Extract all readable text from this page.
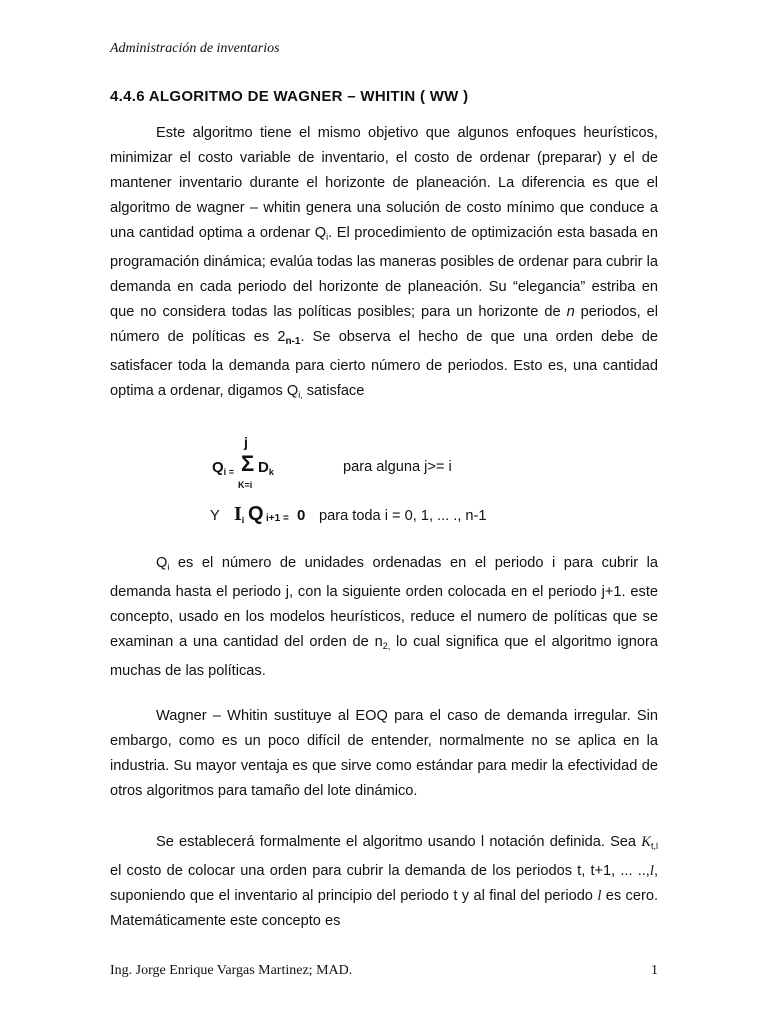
Administración de inventarios
4.4.6 ALGORITMO DE WAGNER – WHITIN ( WW )

Este algoritmo tiene el mismo objetivo que algunos enfoques heurísticos, minimizar el costo variable de inventario, el costo de ordenar (preparar) y el de mantener inventario durante el horizonte de planeación. La diferencia es que el algoritmo de wagner – whitin genera una solución de costo mínimo que conduce a una cantidad optima a ordenar $Q_i$. El procedimiento de optimización esta basada en programación dinámica; evalúa todas las maneras posibles de ordenar para cubrir la demanda en cada periodo del horizonte de planeación. Su “elegancia” estriba en que no considera todas las políticas posibles; para un horizonte de n periodos, el número de políticas es $2_{n-1}$. Se observa el hecho de que una orden debe de satisfacer toda la demanda para cierto número de periodos. Esto es, una cantidad optima a ordenar, digamos $Q_{i,}$ satisface

j
$Q_i$ $_=$ Σ $D_k$
K=i
para alguna j>= i
Y $I_i$ Q i+1 = 0 para toda i = 0, 1, ... ., n-1

$Q_i$ es el número de unidades ordenadas en el periodo i para cubrir la demanda hasta el periodo j, con la siguiente orden colocada en el periodo j+1. este concepto, usado en los modelos heurísticos, reduce el numero de políticas que se examinan a una cantidad del orden de $n_{2,}$ lo cual significa que el algoritmo ignora muchas de las políticas.

Wagner – Whitin sustituye al EOQ para el caso de demanda irregular. Sin embargo, como es un poco difícil de entender, normalmente no se aplica en la industria. Su mayor ventaja es que sirve como estándar para medir la efectividad de otros algoritmos para tamaño del lote dinámico.

Se establecerá formalmente el algoritmo usando l notación definida. Sea $K_{t,l}$ el costo de colocar una orden para cubrir la demanda de los periodos t, t+1, ... ..,l, suponiendo que el inventario al principio del periodo t y al final del periodo l es cero. Matemáticamente este concepto es

Ing. Jorge Enrique Vargas Martinez; MAD.	1
